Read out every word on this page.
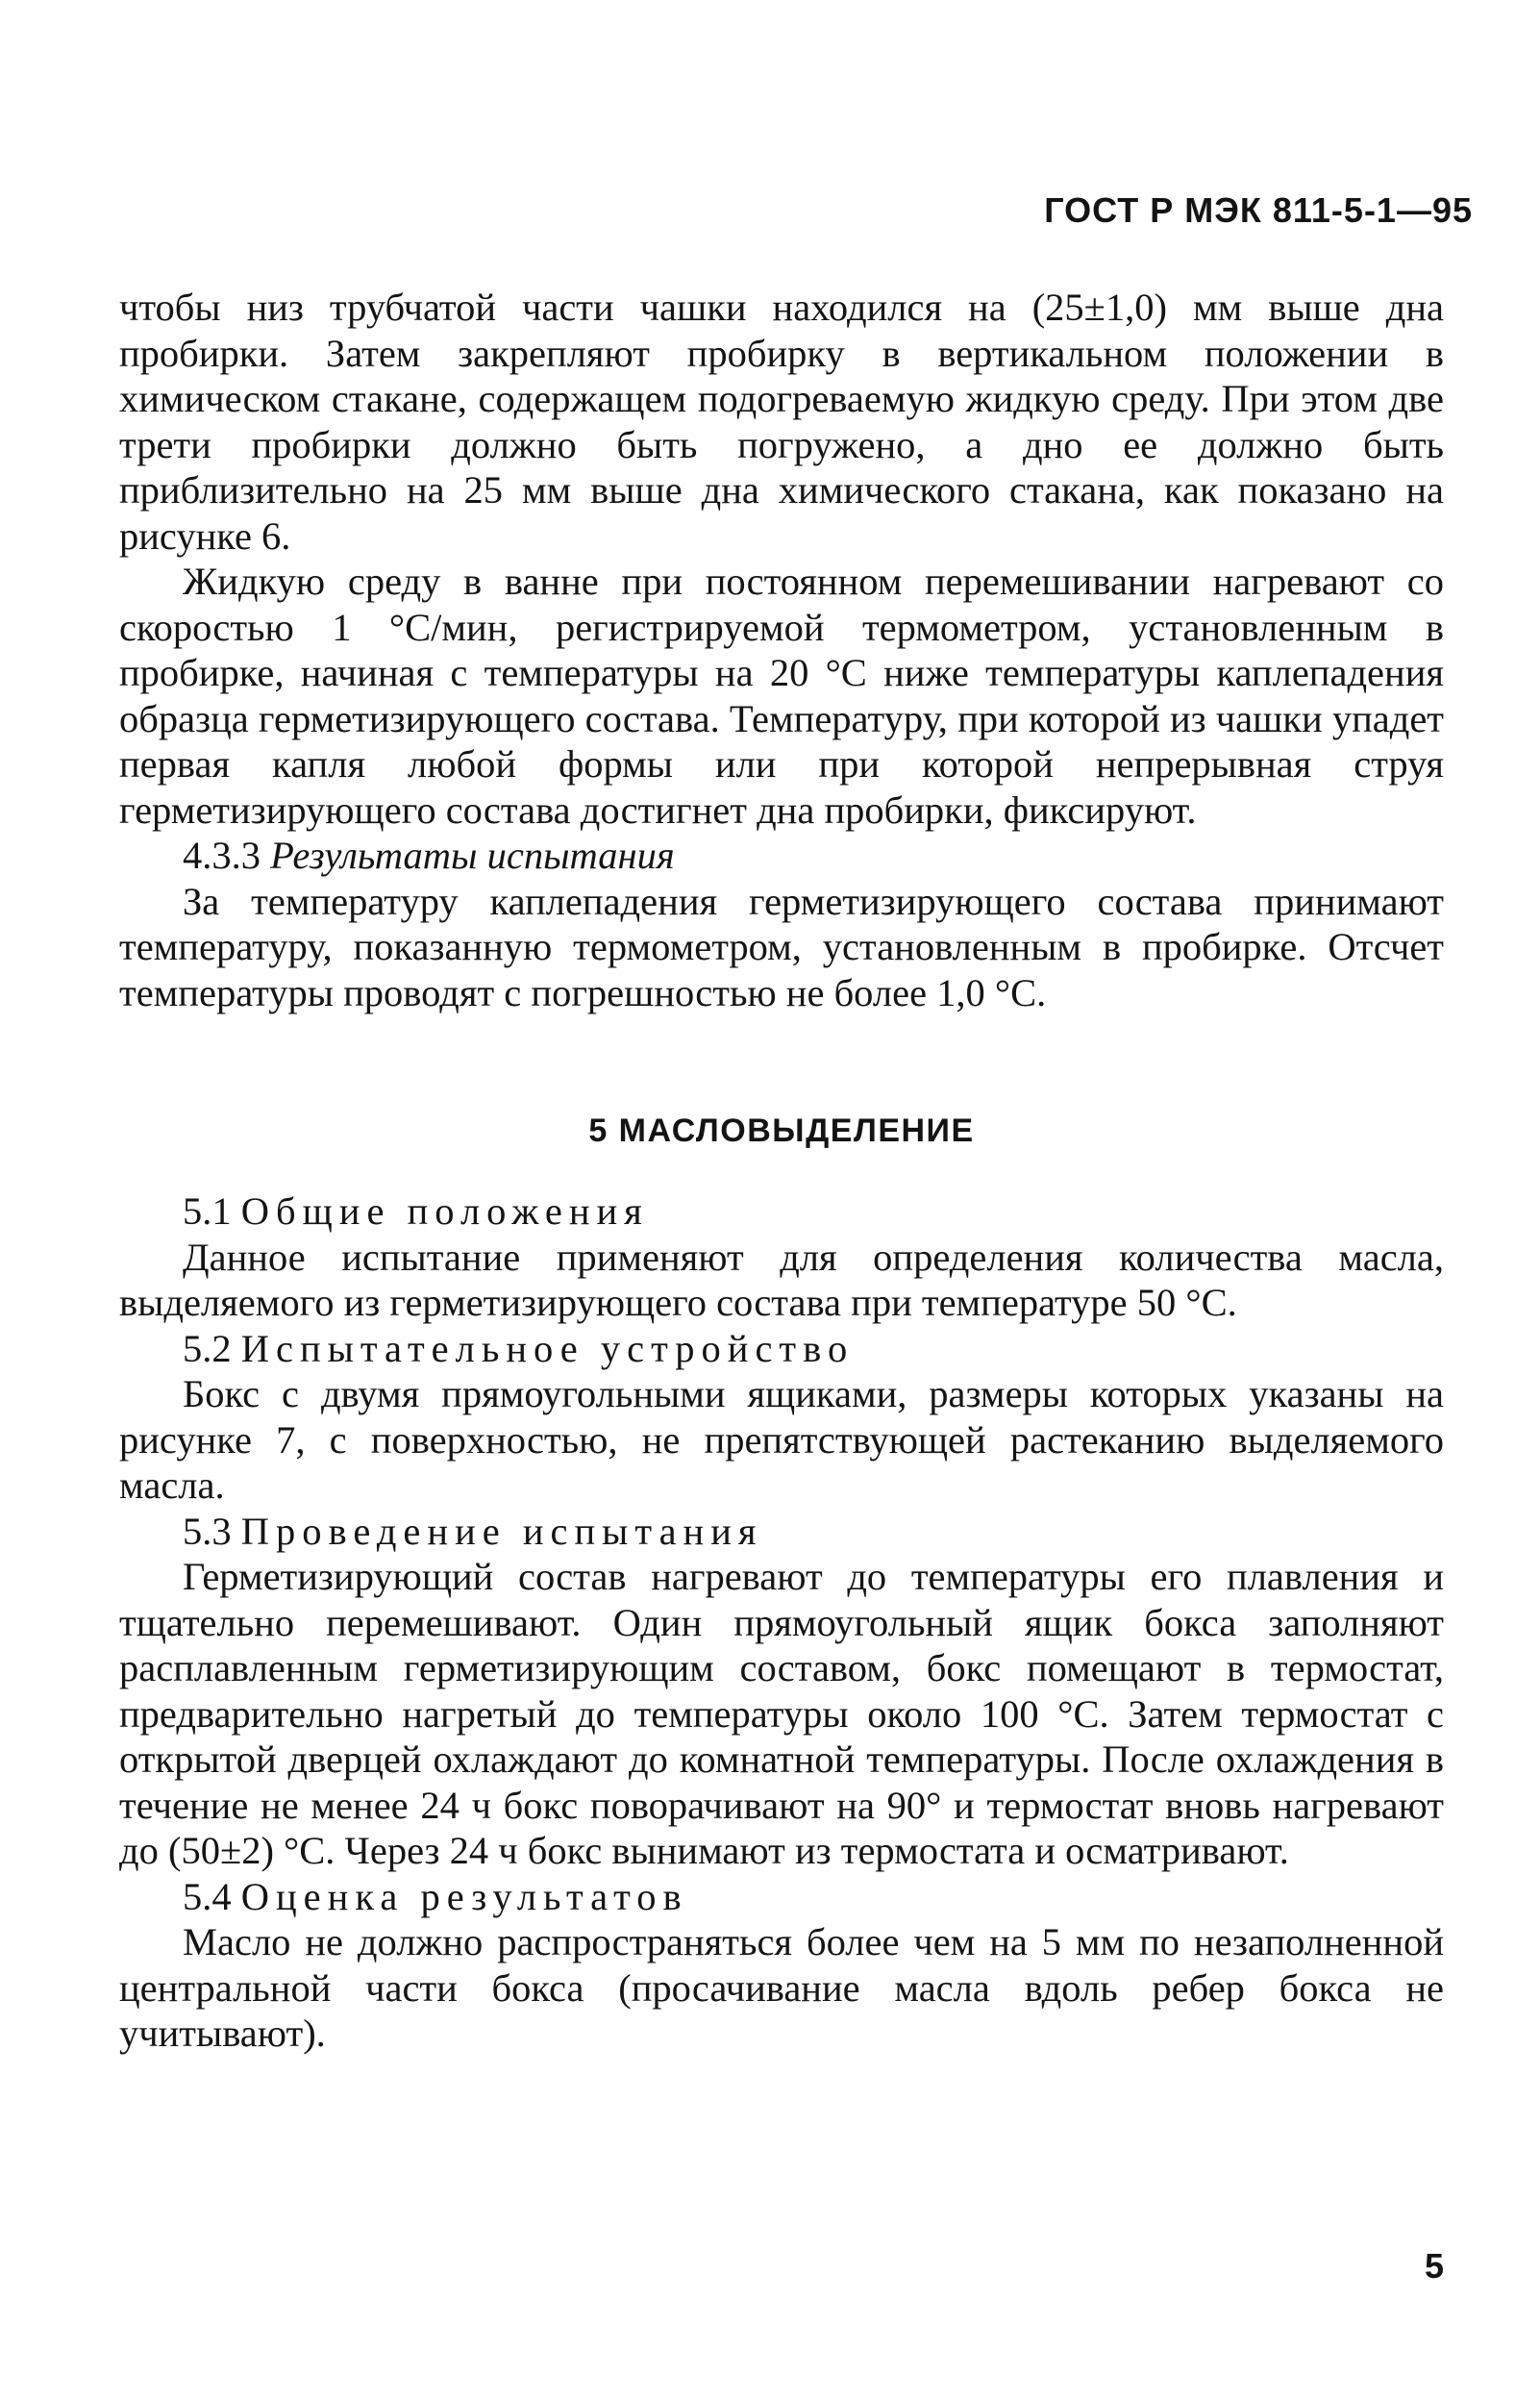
ГОСТ Р МЭК 811-5-1—95

чтобы низ трубчатой части чашки находился на (25±1,0) мм выше дна пробирки. Затем закрепляют пробирку в вертикальном положении в химическом стакане, содержащем подогреваемую жидкую среду. При этом две трети пробирки должно быть погружено, а дно ее должно быть приблизительно на 25 мм выше дна химического стакана, как показано на рисунке 6.

Жидкую среду в ванне при постоянном перемешивании нагревают со скоростью 1 °С/мин, регистрируемой термометром, установленным в пробирке, начиная с температуры на 20 °С ниже температуры каплепадения образца герметизирующего состава. Температуру, при которой из чашки упадет первая капля любой формы или при которой непрерывная струя герметизирующего состава достигнет дна пробирки, фиксируют.

4.3.3 Результаты испытания

За температуру каплепадения герметизирующего состава принимают температуру, показанную термометром, установленным в пробирке. Отсчет температуры проводят с погрешностью не более 1,0 °С.

5 МАСЛОВЫДЕЛЕНИЕ
5.1 Общие положения

Данное испытание применяют для определения количества масла, выделяемого из герметизирующего состава при температуре 50 °С.

5.2 Испытательное устройство

Бокс с двумя прямоугольными ящиками, размеры которых указаны на рисунке 7, с поверхностью, не препятствующей растеканию выделяемого масла.

5.3 Проведение испытания

Герметизирующий состав нагревают до температуры его плавления и тщательно перемешивают. Один прямоугольный ящик бокса заполняют расплавленным герметизирующим составом, бокс помещают в термостат, предварительно нагретый до температуры около 100 °С. Затем термостат с открытой дверцей охлаждают до комнатной температуры. После охлаждения в течение не менее 24 ч бокс поворачивают на 90° и термостат вновь нагревают до (50±2) °С. Через 24 ч бокс вынимают из термостата и осматривают.

5.4 Оценка результатов

Масло не должно распространяться более чем на 5 мм по незаполненной центральной части бокса (просачивание масла вдоль ребер бокса не учитывают).

5
